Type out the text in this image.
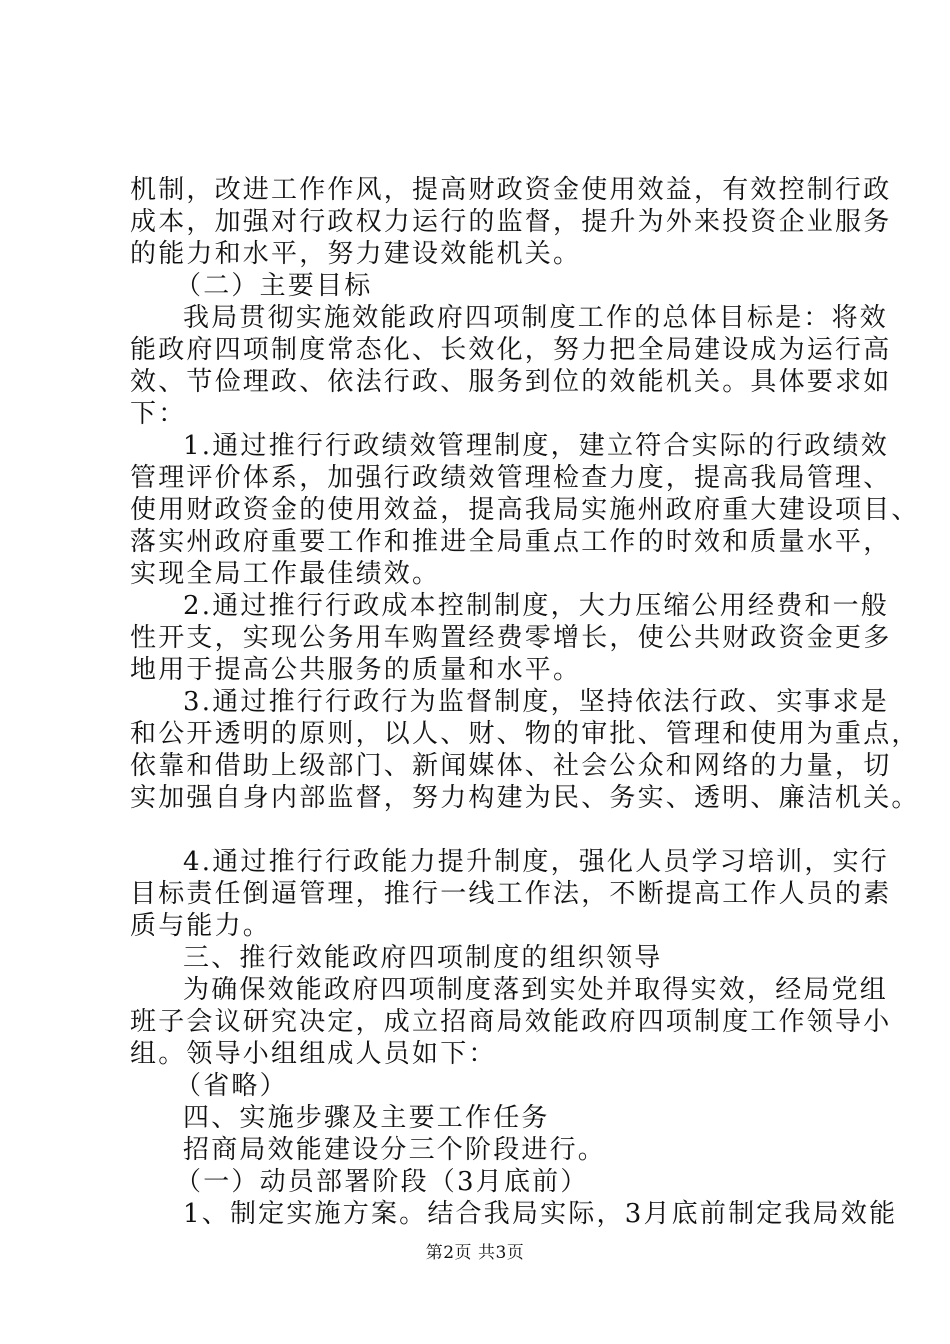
机制，改进工作作风，提高财政资金使用效益，有效控制行政
成本，加强对行政权力运行的监督，提升为外来投资企业服务
的能力和水平，努力建设效能机关。
（二）主要目标
我局贯彻实施效能政府四项制度工作的总体目标是：将效
能政府四项制度常态化、长效化，努力把全局建设成为运行高
效、节俭理政、依法行政、服务到位的效能机关。具体要求如
下：
1.通过推行行政绩效管理制度，建立符合实际的行政绩效
管理评价体系，加强行政绩效管理检查力度，提高我局管理、
使用财政资金的使用效益，提高我局实施州政府重大建设项目、
落实州政府重要工作和推进全局重点工作的时效和质量水平，
实现全局工作最佳绩效。
2.通过推行行政成本控制制度，大力压缩公用经费和一般
性开支，实现公务用车购置经费零增长，使公共财政资金更多
地用于提高公共服务的质量和水平。
3.通过推行行政行为监督制度，坚持依法行政、实事求是
和公开透明的原则，以人、财、物的审批、管理和使用为重点，
依靠和借助上级部门、新闻媒体、社会公众和网络的力量，切
实加强自身内部监督，努力构建为民、务实、透明、廉洁机关。
4.通过推行行政能力提升制度，强化人员学习培训，实行
目标责任倒逼管理，推行一线工作法，不断提高工作人员的素
质与能力。
三、推行效能政府四项制度的组织领导
为确保效能政府四项制度落到实处并取得实效，经局党组
班子会议研究决定，成立招商局效能政府四项制度工作领导小
组。领导小组组成人员如下：
（省略）
四、实施步骤及主要工作任务
招商局效能建设分三个阶段进行。
（一）动员部署阶段（3月底前）
1、制定实施方案。结合我局实际，3月底前制定我局效能
第2页 共3页
